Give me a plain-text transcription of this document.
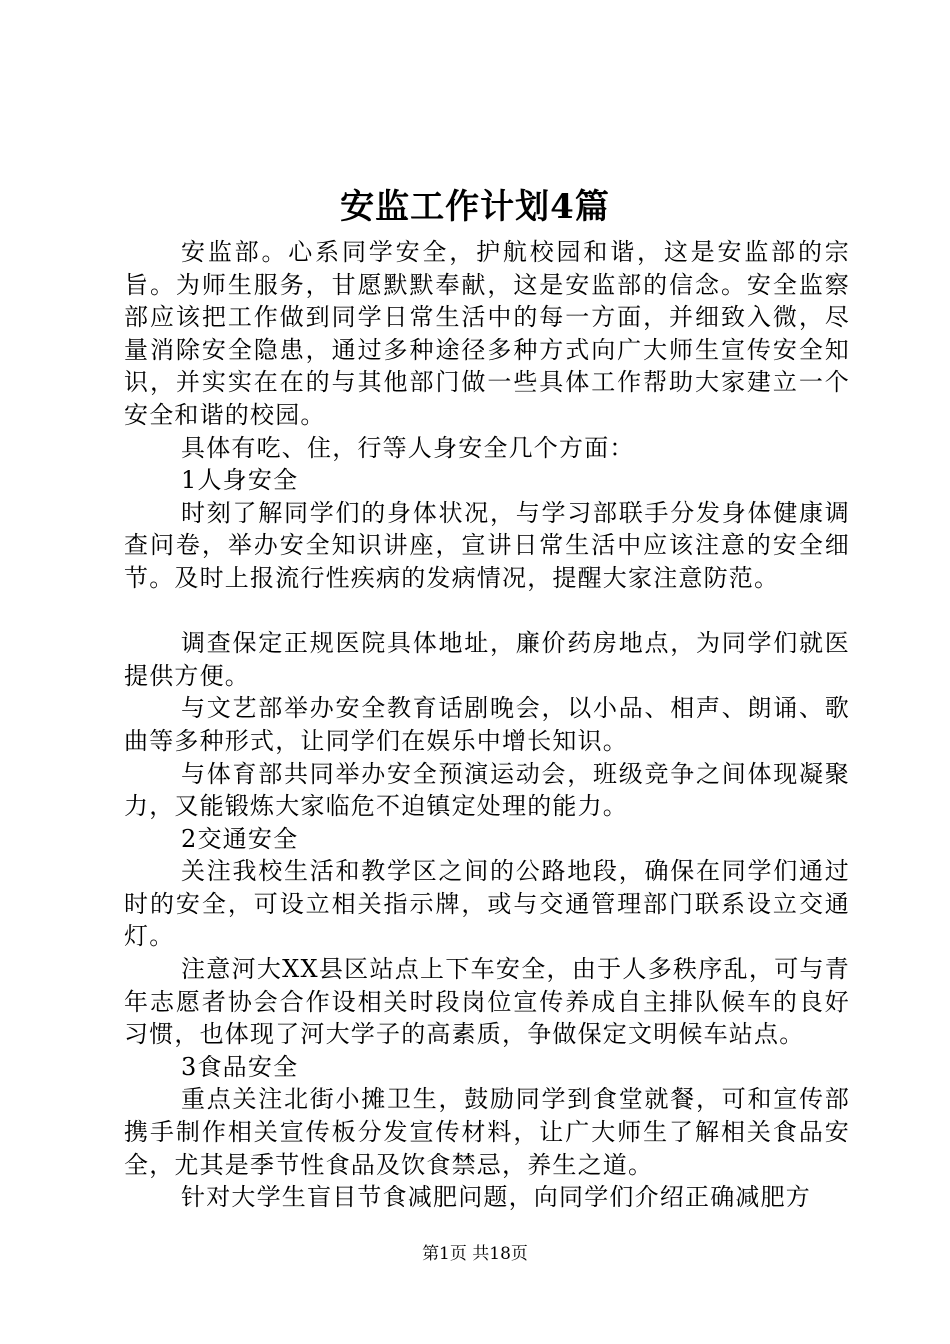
安监工作计划4篇

安监部。心系同学安全，护航校园和谐，这是安监部的宗旨。为师生服务，甘愿默默奉献，这是安监部的信念。安全监察部应该把工作做到同学日常生活中的每一方面，并细致入微，尽量消除安全隐患，通过多种途径多种方式向广大师生宣传安全知识，并实实在在的与其他部门做一些具体工作帮助大家建立一个安全和谐的校园。

具体有吃、住，行等人身安全几个方面：

1人身安全

时刻了解同学们的身体状况，与学习部联手分发身体健康调查问卷，举办安全知识讲座，宣讲日常生活中应该注意的安全细节。及时上报流行性疾病的发病情况，提醒大家注意防范。

调查保定正规医院具体地址，廉价药房地点，为同学们就医提供方便。

与文艺部举办安全教育话剧晚会，以小品、相声、朗诵、歌曲等多种形式，让同学们在娱乐中增长知识。

与体育部共同举办安全预演运动会，班级竞争之间体现凝聚力，又能锻炼大家临危不迫镇定处理的能力。

2交通安全

关注我校生活和教学区之间的公路地段，确保在同学们通过时的安全，可设立相关指示牌，或与交通管理部门联系设立交通灯。

注意河大XX县区站点上下车安全，由于人多秩序乱，可与青年志愿者协会合作设相关时段岗位宣传养成自主排队候车的良好习惯，也体现了河大学子的高素质，争做保定文明候车站点。

3食品安全

重点关注北街小摊卫生，鼓励同学到食堂就餐，可和宣传部携手制作相关宣传板分发宣传材料，让广大师生了解相关食品安全，尤其是季节性食品及饮食禁忌，养生之道。

针对大学生盲目节食减肥问题，向同学们介绍正确减肥方

第1页 共18页
